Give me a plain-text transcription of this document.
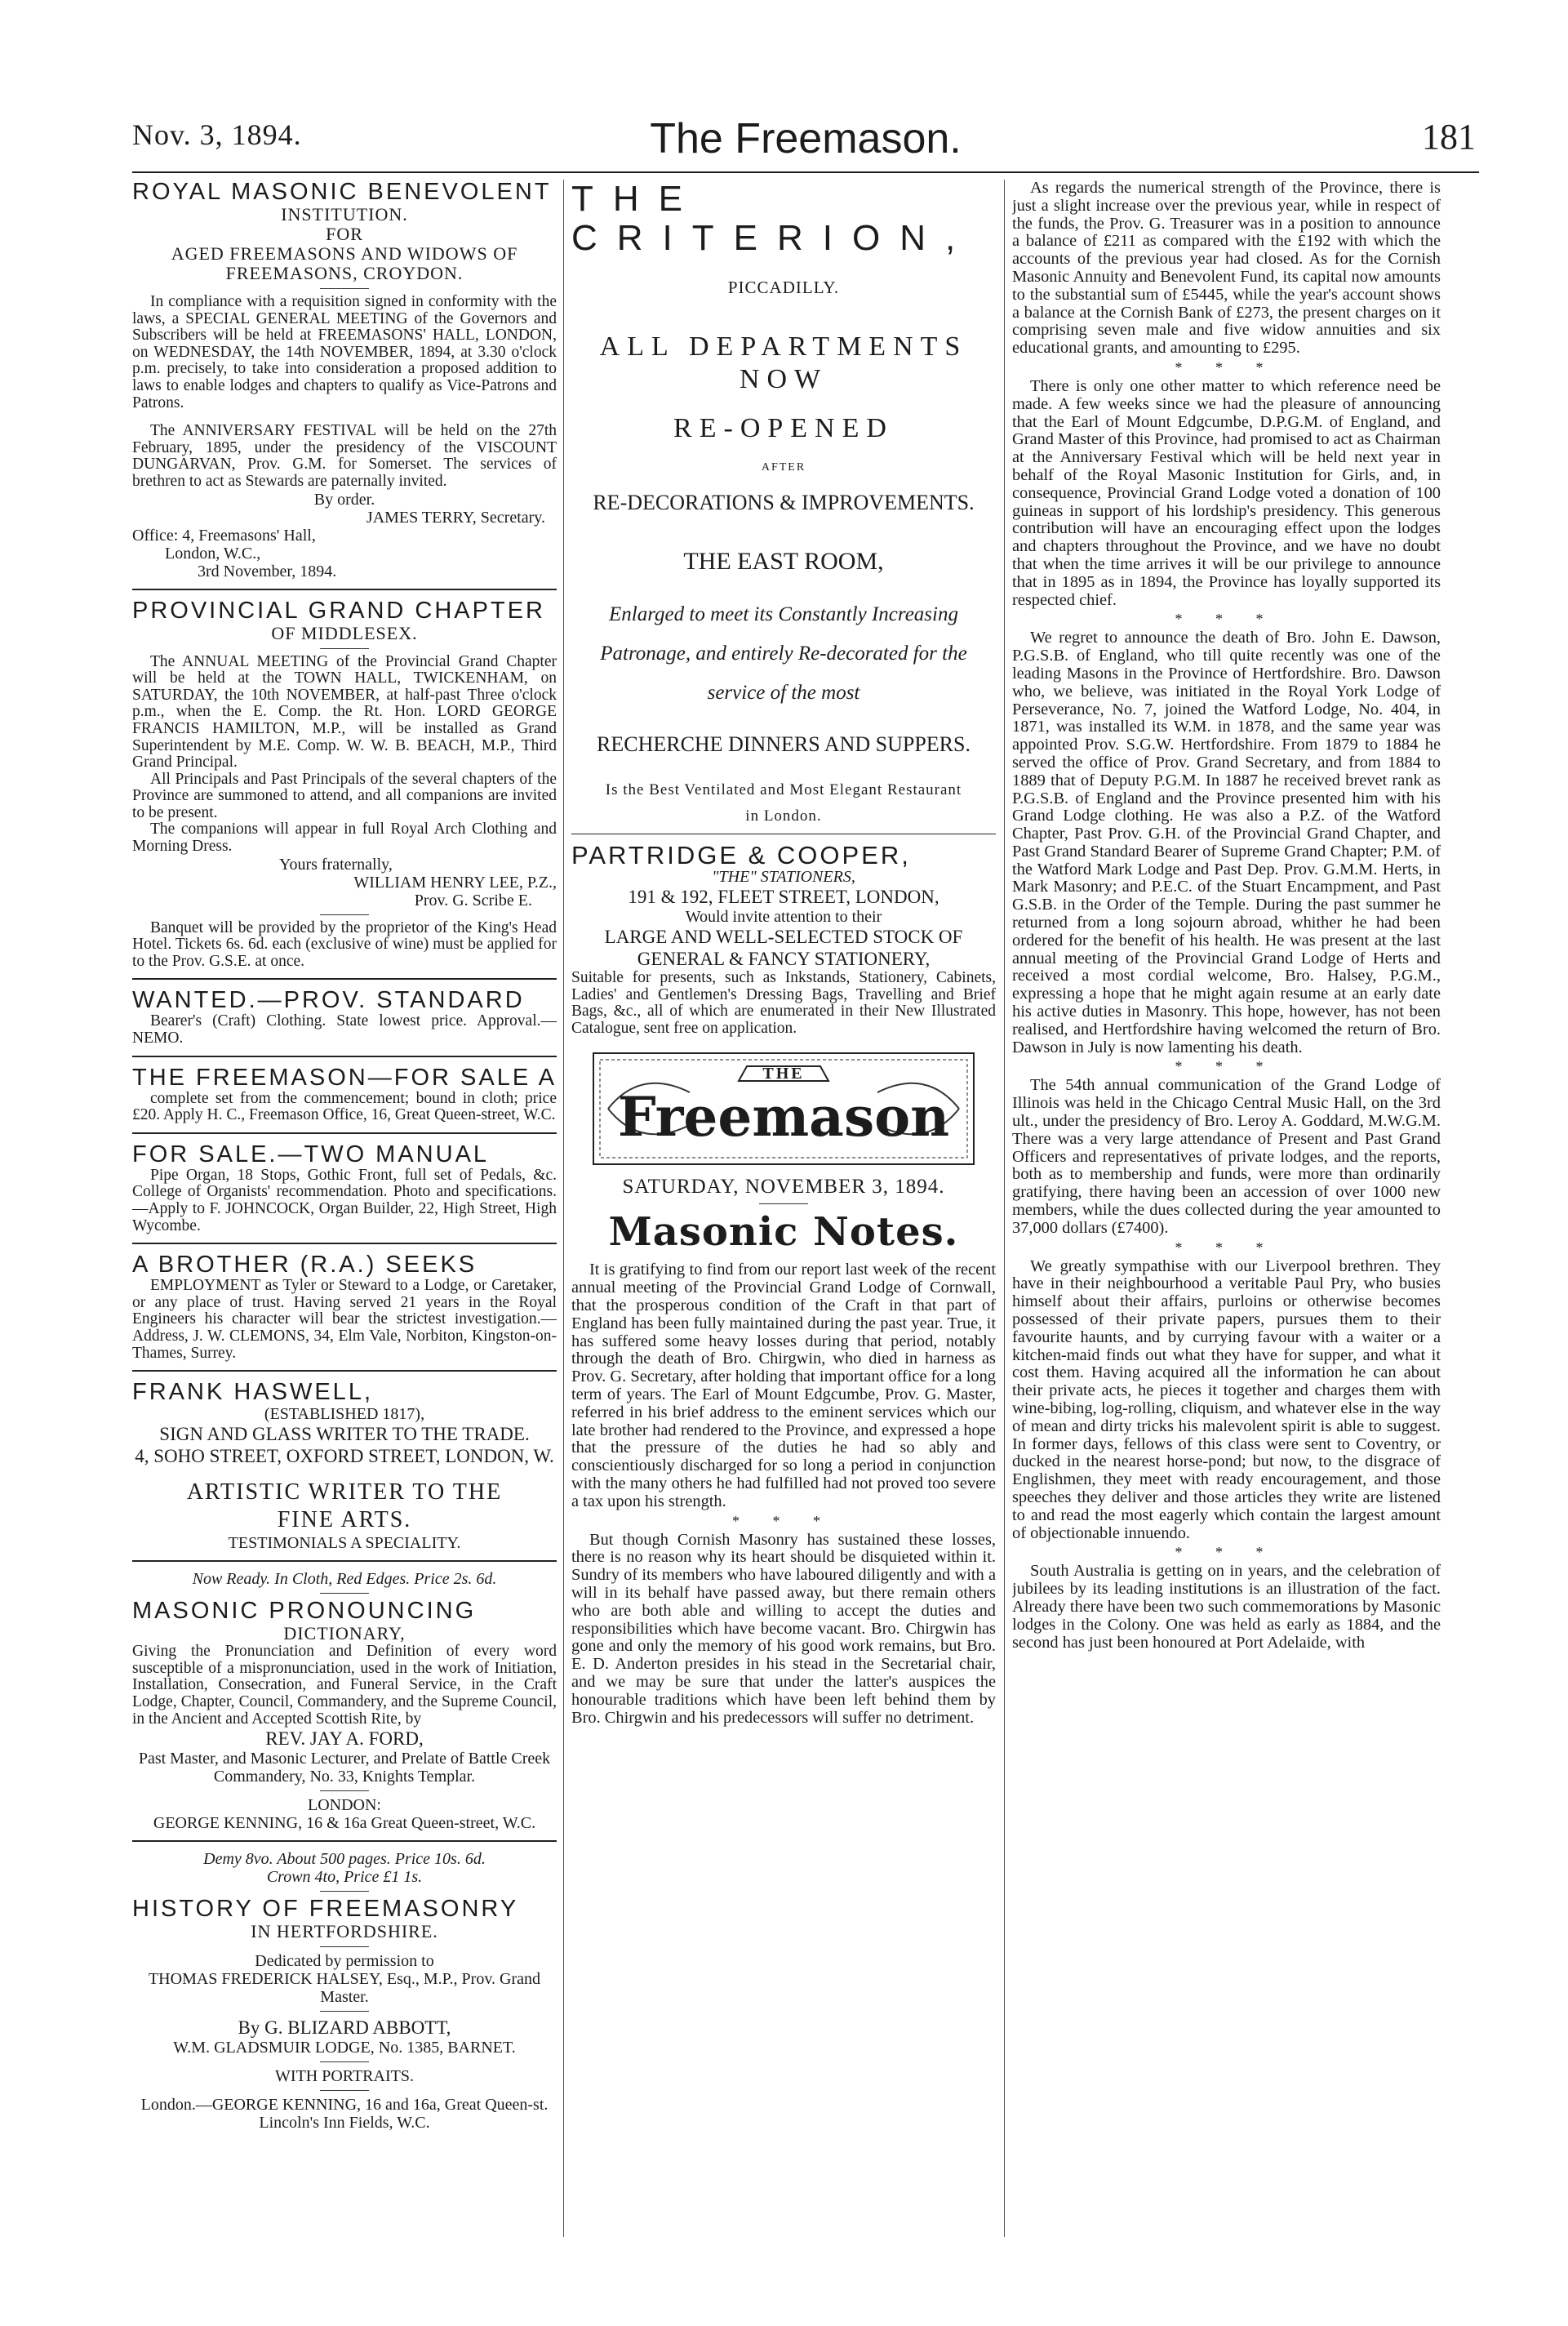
Nov. 3, 1894.	The Freemason.	181
ROYAL MASONIC BENEVOLENT
INSTITUTION.
FOR
AGED FREEMASONS AND WIDOWS OF
FREEMASONS, CROYDON.

In compliance with a requisition signed in conformity with the laws, a SPECIAL GENERAL MEETING of the Governors and Subscribers will be held at FREEMASONS' HALL, LONDON, on WEDNESDAY, the 14th NOVEMBER, 1894, at 3.30 o'clock p.m. precisely, to take into consideration a proposed addition to laws to enable lodges and chapters to qualify as Vice-Patrons and Patrons.

The ANNIVERSARY FESTIVAL will be held on the 27th February, 1895, under the presidency of the VISCOUNT DUNGARVAN, Prov. G.M. for Somerset. The services of brethren to act as Stewards are paternally invited.

By order.

JAMES TERRY, Secretary.

Office: 4, Freemasons' Hall,

London, W.C.,

3rd November, 1894.

PROVINCIAL GRAND CHAPTER
OF MIDDLESEX.

The ANNUAL MEETING of the Provincial Grand Chapter will be held at the TOWN HALL, TWICKENHAM, on SATURDAY, the 10th NOVEMBER, at half-past Three o'clock p.m., when the E. Comp. the Rt. Hon. LORD GEORGE FRANCIS HAMILTON, M.P., will be installed as Grand Superintendent by M.E. Comp. W. W. B. BEACH, M.P., Third Grand Principal.

All Principals and Past Principals of the several chapters of the Province are summoned to attend, and all companions are invited to be present.

The companions will appear in full Royal Arch Clothing and Morning Dress.

Yours fraternally,

WILLIAM HENRY LEE, P.Z.,

Prov. G. Scribe E.

Banquet will be provided by the proprietor of the King's Head Hotel. Tickets 6s. 6d. each (exclusive of wine) must be applied for to the Prov. G.S.E. at once.

WANTED.—PROV. STANDARD

Bearer's (Craft) Clothing. State lowest price. Approval.—NEMO.

THE FREEMASON—FOR SALE A

complete set from the commencement; bound in cloth; price £20. Apply H. C., Freemason Office, 16, Great Queen-street, W.C.

FOR SALE.—TWO MANUAL

Pipe Organ, 18 Stops, Gothic Front, full set of Pedals, &c. College of Organists' recommendation. Photo and specifications.—Apply to F. JOHNCOCK, Organ Builder, 22, High Street, High Wycombe.

A BROTHER (R.A.) SEEKS

EMPLOYMENT as Tyler or Steward to a Lodge, or Caretaker, or any place of trust. Having served 21 years in the Royal Engineers his character will bear the strictest investigation.—Address, J. W. CLEMONS, 34, Elm Vale, Norbiton, Kingston-on-Thames, Surrey.

FRANK HASWELL,

(ESTABLISHED 1817),

SIGN AND GLASS WRITER TO THE TRADE.

4, SOHO STREET, OXFORD STREET, LONDON, W.

ARTISTIC WRITER TO THE

FINE ARTS.

TESTIMONIALS A SPECIALITY.

Now Ready. In Cloth, Red Edges. Price 2s. 6d.

MASONIC PRONOUNCING
DICTIONARY,

Giving the Pronunciation and Definition of every word susceptible of a mispronunciation, used in the work of Initiation, Installation, Consecration, and Funeral Service, in the Craft Lodge, Chapter, Council, Commandery, and the Supreme Council, in the Ancient and Accepted Scottish Rite, by

REV. JAY A. FORD,

Past Master, and Masonic Lecturer, and Prelate of Battle Creek Commandery, No. 33, Knights Templar.

LONDON:

GEORGE KENNING, 16 & 16a Great Queen-street, W.C.

Demy 8vo. About 500 pages. Price 10s. 6d.

Crown 4to, Price £1 1s.

HISTORY OF FREEMASONRY
IN HERTFORDSHIRE.

Dedicated by permission to

THOMAS FREDERICK HALSEY, Esq., M.P., Prov. Grand Master.

By G. BLIZARD ABBOTT,

W.M. GLADSMUIR LODGE, No. 1385, BARNET.

WITH PORTRAITS.

London.—GEORGE KENNING, 16 and 16a, Great Queen-st.

Lincoln's Inn Fields, W.C.

THE CRITERION,
PICCADILLY.
ALL DEPARTMENTS NOW
RE-OPENED
AFTER
RE-DECORATIONS & IMPROVEMENTS.
THE EAST ROOM,
Enlarged to meet its Constantly Increasing
Patronage, and entirely Re-decorated for the
service of the most
RECHERCHE DINNERS AND SUPPERS.
Is the Best Ventilated and Most Elegant Restaurant
in London.
PARTRIDGE & COOPER,

"THE" STATIONERS,

191 & 192, FLEET STREET, LONDON,

Would invite attention to their

LARGE AND WELL-SELECTED STOCK OF

GENERAL & FANCY STATIONERY,

Suitable for presents, such as Inkstands, Stationery, Cabinets, Ladies' and Gentlemen's Dressing Bags, Travelling and Brief Bags, &c., all of which are enumerated in their New Illustrated Catalogue, sent free on application.

THE
Freemason

SATURDAY, NOVEMBER 3, 1894.

Masonic Notes.

It is gratifying to find from our report last week of the recent annual meeting of the Provincial Grand Lodge of Cornwall, that the prosperous condition of the Craft in that part of England has been fully maintained during the past year. True, it has suffered some heavy losses during that period, notably through the death of Bro. Chirgwin, who died in harness as Prov. G. Secretary, after holding that important office for a long term of years. The Earl of Mount Edgcumbe, Prov. G. Master, referred in his brief address to the eminent services which our late brother had rendered to the Province, and expressed a hope that the pressure of the duties he had so ably and conscientiously discharged for so long a period in conjunction with the many others he had fulfilled had not proved too severe a tax upon his strength.

* * *

But though Cornish Masonry has sustained these losses, there is no reason why its heart should be disquieted within it. Sundry of its members who have laboured diligently and with a will in its behalf have passed away, but there remain others who are both able and willing to accept the duties and responsibilities which have become vacant. Bro. Chirgwin has gone and only the memory of his good work remains, but Bro. E. D. Anderton presides in his stead in the Secretarial chair, and we may be sure that under the latter's auspices the honourable traditions which have been left behind them by Bro. Chirgwin and his predecessors will suffer no detriment.

As regards the numerical strength of the Province, there is just a slight increase over the previous year, while in respect of the funds, the Prov. G. Treasurer was in a position to announce a balance of £211 as compared with the £192 with which the accounts of the previous year had closed. As for the Cornish Masonic Annuity and Benevolent Fund, its capital now amounts to the substantial sum of £5445, while the year's account shows a balance at the Cornish Bank of £273, the present charges on it comprising seven male and five widow annuities and six educational grants, and amounting to £295.

* * *

There is only one other matter to which reference need be made. A few weeks since we had the pleasure of announcing that the Earl of Mount Edgcumbe, D.P.G.M. of England, and Grand Master of this Province, had promised to act as Chairman at the Anniversary Festival which will be held next year in behalf of the Royal Masonic Institution for Girls, and, in consequence, Provincial Grand Lodge voted a donation of 100 guineas in support of his lordship's presidency. This generous contribution will have an encouraging effect upon the lodges and chapters throughout the Province, and we have no doubt that when the time arrives it will be our privilege to announce that in 1895 as in 1894, the Province has loyally supported its respected chief.

* * *

We regret to announce the death of Bro. John E. Dawson, P.G.S.B. of England, who till quite recently was one of the leading Masons in the Province of Hertfordshire. Bro. Dawson who, we believe, was initiated in the Royal York Lodge of Perseverance, No. 7, joined the Watford Lodge, No. 404, in 1871, was installed its W.M. in 1878, and the same year was appointed Prov. S.G.W. Hertfordshire. From 1879 to 1884 he served the office of Prov. Grand Secretary, and from 1884 to 1889 that of Deputy P.G.M. In 1887 he received brevet rank as P.G.S.B. of England and the Province presented him with his Grand Lodge clothing. He was also a P.Z. of the Watford Chapter, Past Prov. G.H. of the Provincial Grand Chapter, and Past Grand Standard Bearer of Supreme Grand Chapter; P.M. of the Watford Mark Lodge and Past Dep. Prov. G.M.M. Herts, in Mark Masonry; and P.E.C. of the Stuart Encampment, and Past G.S.B. in the Order of the Temple. During the past summer he returned from a long sojourn abroad, whither he had been ordered for the benefit of his health. He was present at the last annual meeting of the Provincial Grand Lodge of Herts and received a most cordial welcome, Bro. Halsey, P.G.M., expressing a hope that he might again resume at an early date his active duties in Masonry. This hope, however, has not been realised, and Hertfordshire having welcomed the return of Bro. Dawson in July is now lamenting his death.

* * *

The 54th annual communication of the Grand Lodge of Illinois was held in the Chicago Central Music Hall, on the 3rd ult., under the presidency of Bro. Leroy A. Goddard, M.W.G.M. There was a very large attendance of Present and Past Grand Officers and representatives of private lodges, and the reports, both as to membership and funds, were more than ordinarily gratifying, there having been an accession of over 1000 new members, while the dues collected during the year amounted to 37,000 dollars (£7400).

* * *

We greatly sympathise with our Liverpool brethren. They have in their neighbourhood a veritable Paul Pry, who busies himself about their affairs, purloins or otherwise becomes possessed of their private papers, pursues them to their favourite haunts, and by currying favour with a waiter or a kitchen-maid finds out what they have for supper, and what it cost them. Having acquired all the information he can about their private acts, he pieces it together and charges them with wine-bibing, log-rolling, cliquism, and whatever else in the way of mean and dirty tricks his malevolent spirit is able to suggest. In former days, fellows of this class were sent to Coventry, or ducked in the nearest horse-pond; but now, to the disgrace of Englishmen, they meet with ready encouragement, and those speeches they deliver and those articles they write are listened to and read the most eagerly which contain the largest amount of objectionable innuendo.

* * *

South Australia is getting on in years, and the celebration of jubilees by its leading institutions is an illustration of the fact. Already there have been two such commemorations by Masonic lodges in the Colony. One was held as early as 1884, and the second has just been honoured at Port Adelaide, with
